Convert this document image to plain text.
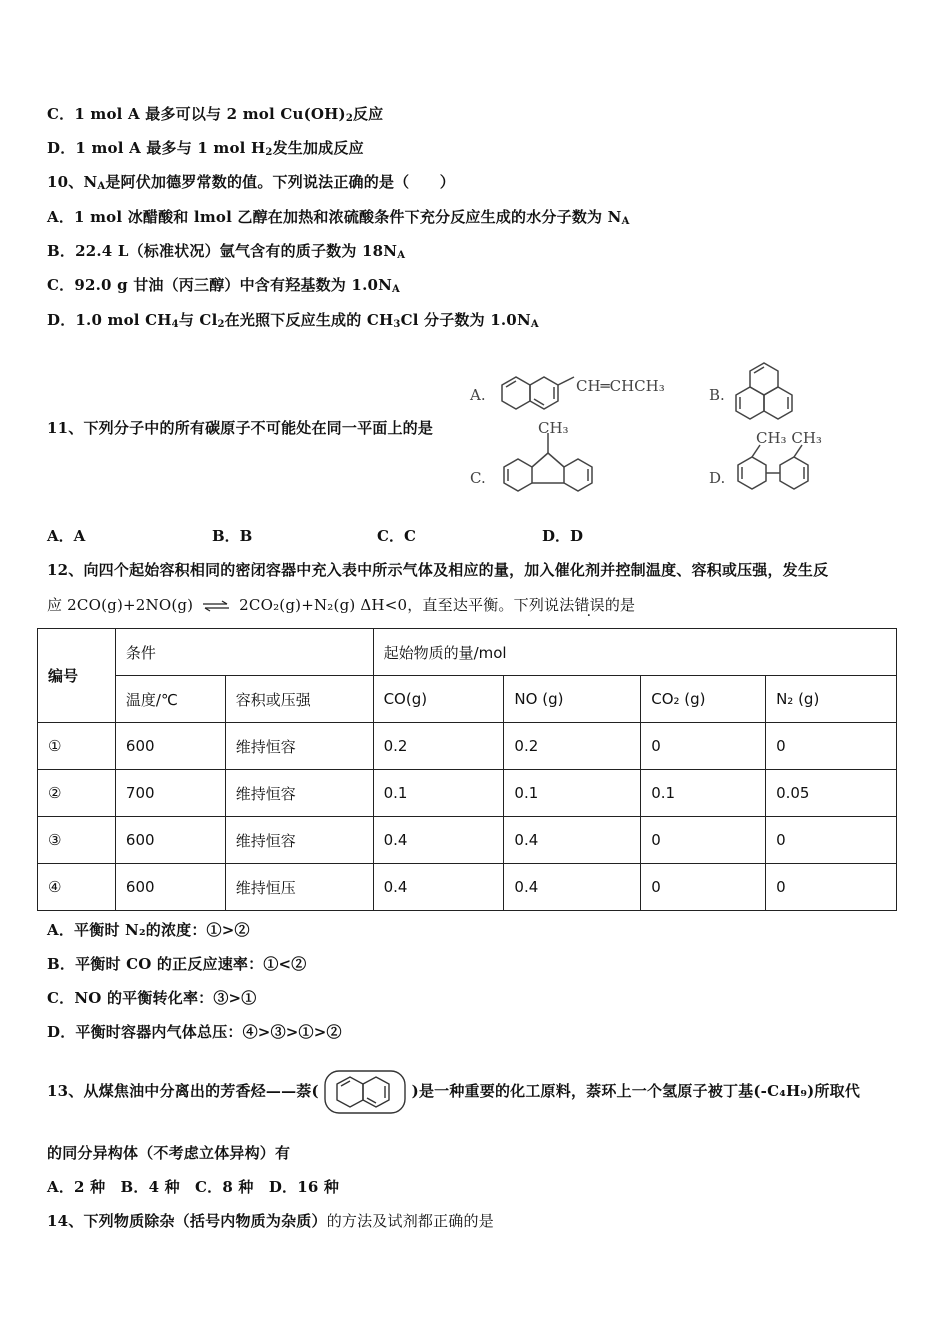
C．1 mol A 最多可以与 2 mol $Cu(OH)_2$反应
D．1 mol A 最多与 1 mol $H_2$发生加成反应
10、$N_A$是阿伏加德罗常数的值。下列说法正确的是（　　）
A．1 mol 冰醋酸和 lmol 乙醇在加热和浓硫酸条件下充分反应生成的水分子数为 $N_A$
B．22.4 L（标准状况）氩气含有的质子数为 $18N_A$
C．92.0 g 甘油（丙三醇）中含有羟基数为 $1.0N_A$
D．1.0 mol $CH_4$与 $Cl_2$在光照下反应生成的 $CH_3Cl$ 分子数为 $1.0N_A$
11、下列分子中的所有碳原子不可能处在同一平面上的是
A.	CH═CHCH₃	B.
CH₃
C.	D.
CH₃ CH₃
A．A	B．B	C．C	D．D
12、向四个起始容积相同的密闭容器中充入表中所示气体及相应的量，加入催化剂并控制温度、容积或压强，发生反
应 2CO(g)+2NO(g) ⇌ 2CO₂(g)+N₂(g) ΔH<0，直至达平衡。下列说法错误的是
编号	条件		起始物质的量/mol			
	温度/℃	容积或压强	CO(g)	NO (g)	CO₂ (g)	N₂ (g)
①	600	维持恒容	0.2	0.2	0	0
②	700	维持恒容	0.1	0.1	0.1	0.05
③	600	维持恒容	0.4	0.4	0	0
④	600	维持恒压	0.4	0.4	0	0
A．平衡时 N₂的浓度：①>②
B．平衡时 CO 的正反应速率：①<②
C．NO 的平衡转化率：③>①
D．平衡时容器内气体总压：④>③>①>②
13、从煤焦油中分离出的芳香烃——萘(	)是一种重要的化工原料，萘环上一个氢原子被丁基(-C₄H₉)所取代
的同分异构体（不考虑立体异构）有
A．2 种　B．4 种　C．8 种　D．16 种
14、下列物质除杂（括号内物质为杂质）的方法及试剂都正确的是
